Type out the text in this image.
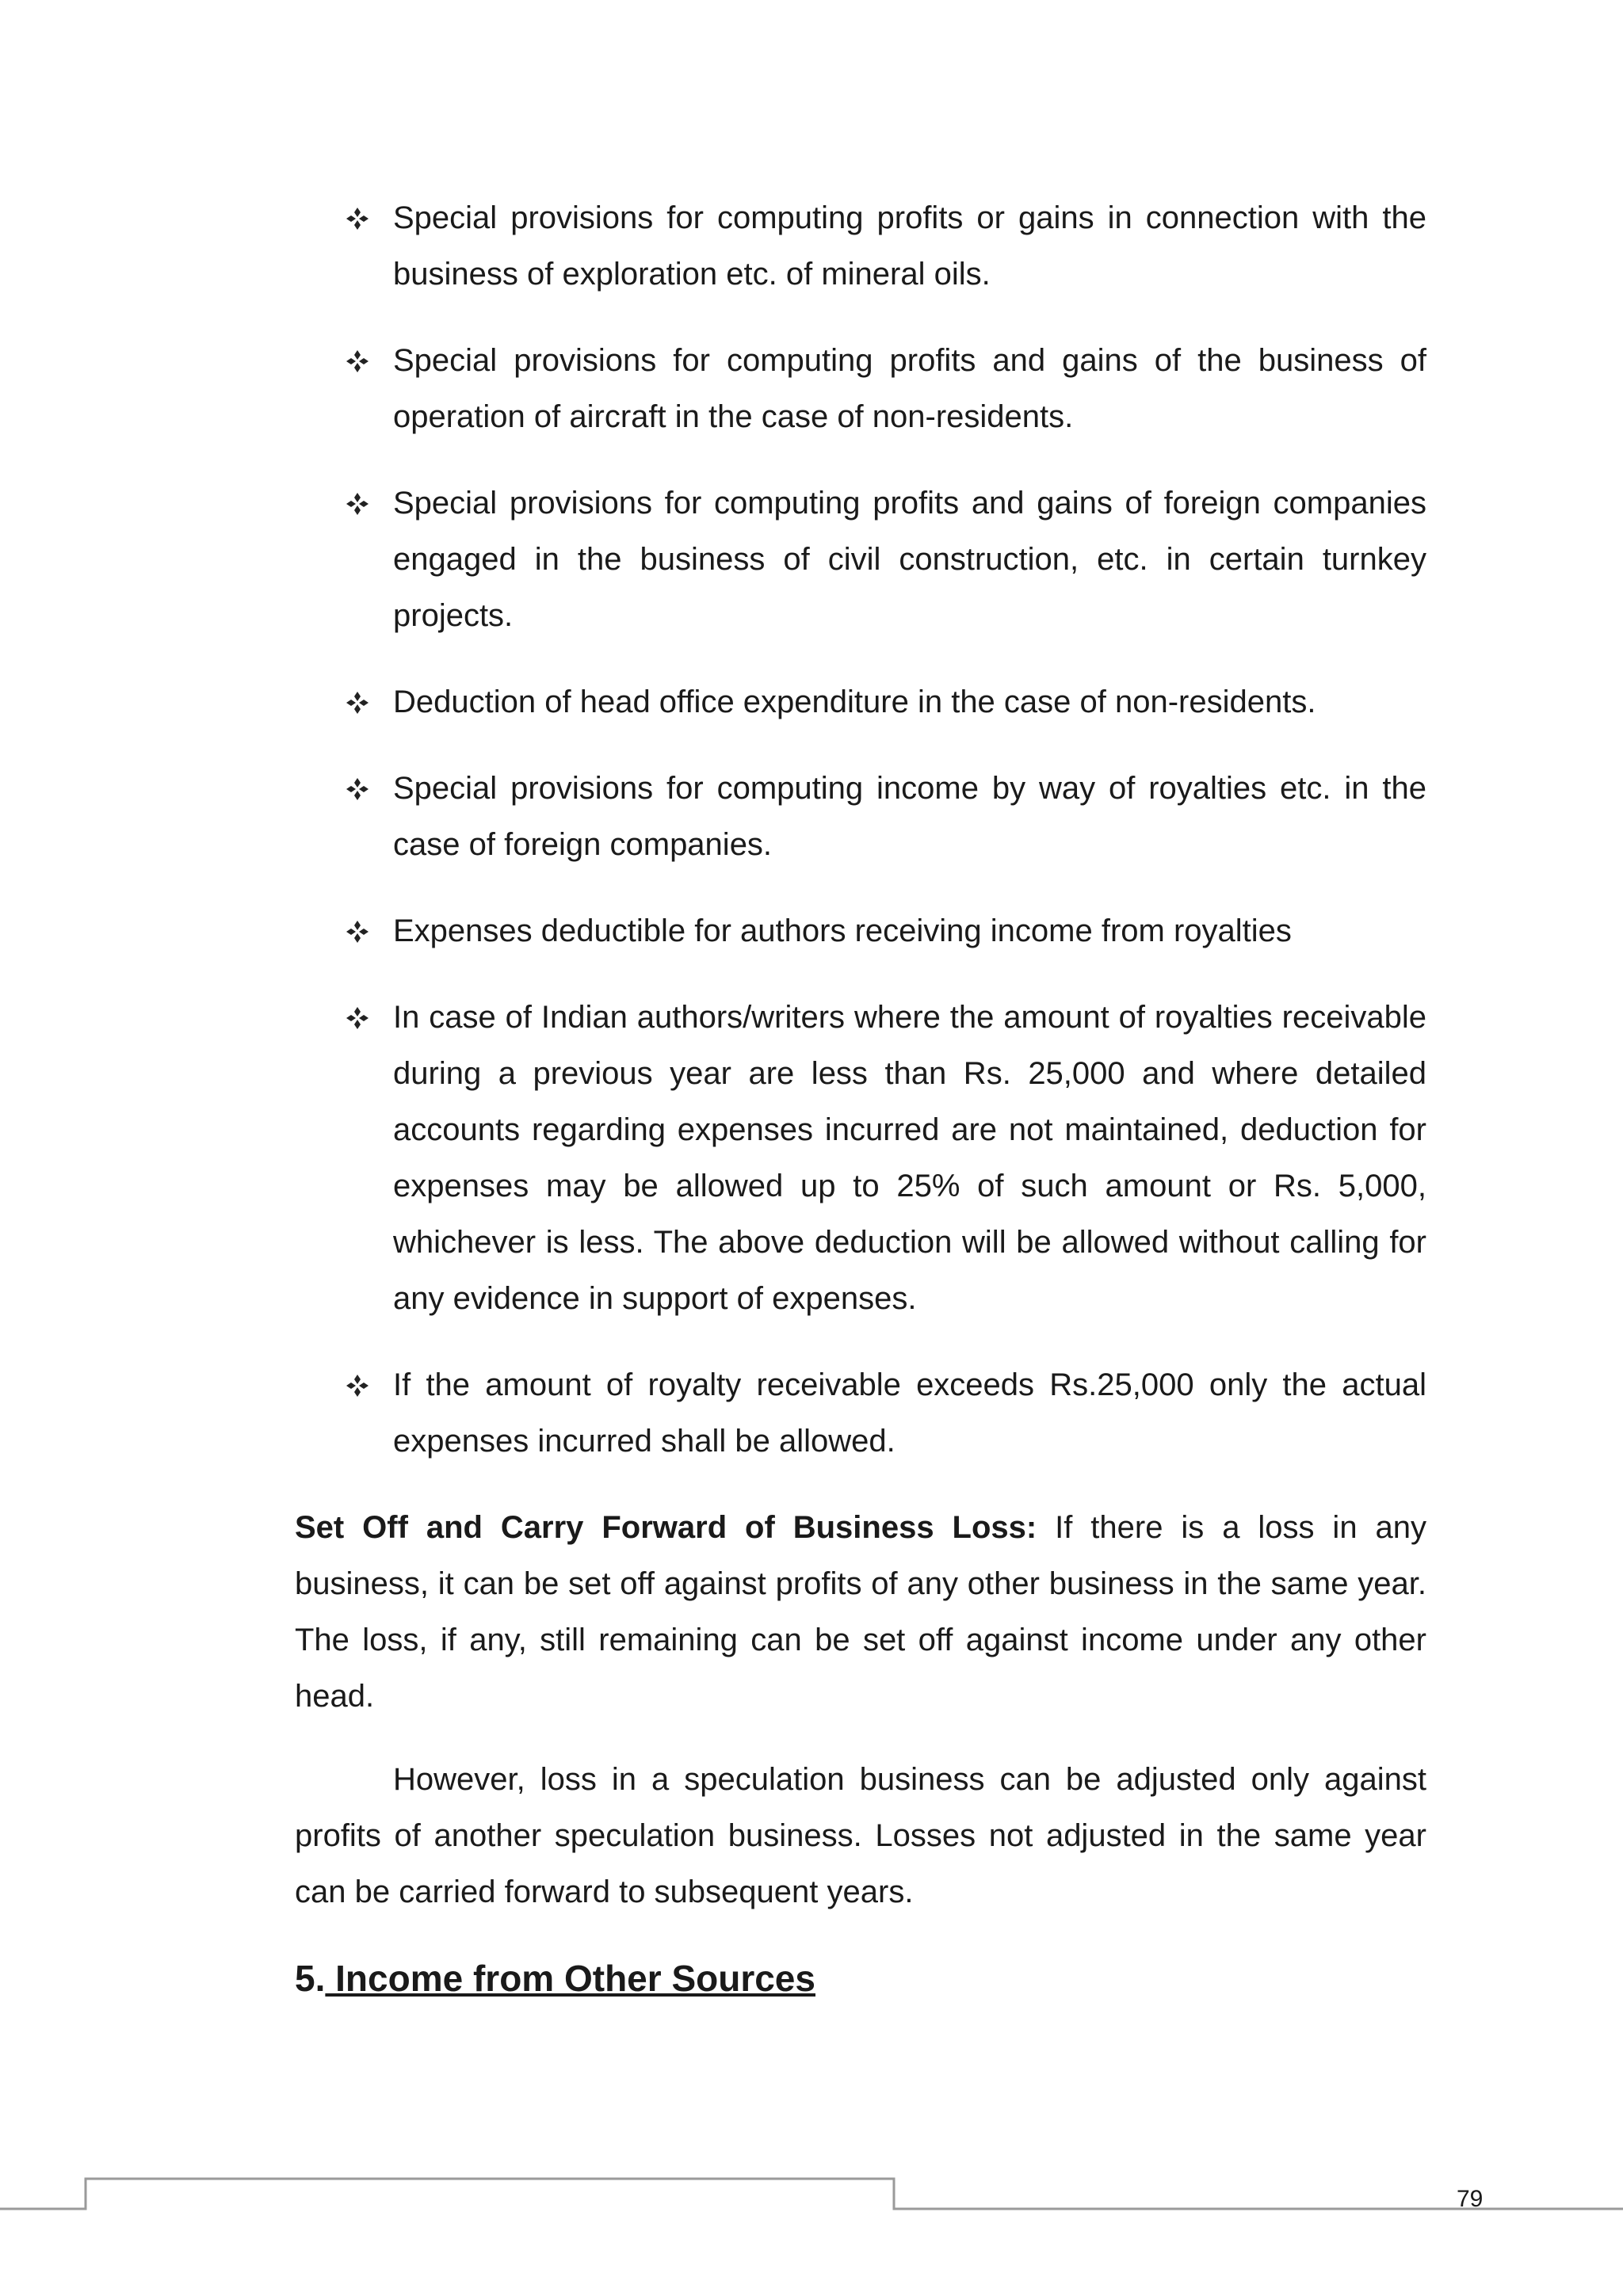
Special provisions for computing profits or gains in connection with the business of exploration etc. of mineral oils.
Special provisions for computing profits and gains of the business of operation of aircraft in the case of non-residents.
Special provisions for computing profits and gains of foreign companies engaged in the business of civil construction, etc. in certain turnkey projects.
Deduction of head office expenditure in the case of non-residents.
Special provisions for computing income by way of royalties etc. in the case of foreign companies.
Expenses deductible for authors receiving income from royalties
In case of Indian authors/writers where the amount of royalties receivable during a previous year are less than Rs. 25,000 and where detailed accounts regarding expenses incurred are not maintained, deduction for expenses may be allowed up to 25% of such amount or Rs. 5,000, whichever is less. The above deduction will be allowed without calling for any evidence in support of expenses.
If the amount of royalty receivable exceeds Rs.25,000 only the actual expenses incurred shall be allowed.

Set Off and Carry Forward of Business Loss: If there is a loss in any business, it can be set off against profits of any other business in the same year. The loss, if any, still remaining can be set off against income under any other head.

However, loss in a speculation business can be adjusted only against profits of another speculation business. Losses not adjusted in the same year can be carried forward to subsequent years.

5. Income from Other Sources
79
